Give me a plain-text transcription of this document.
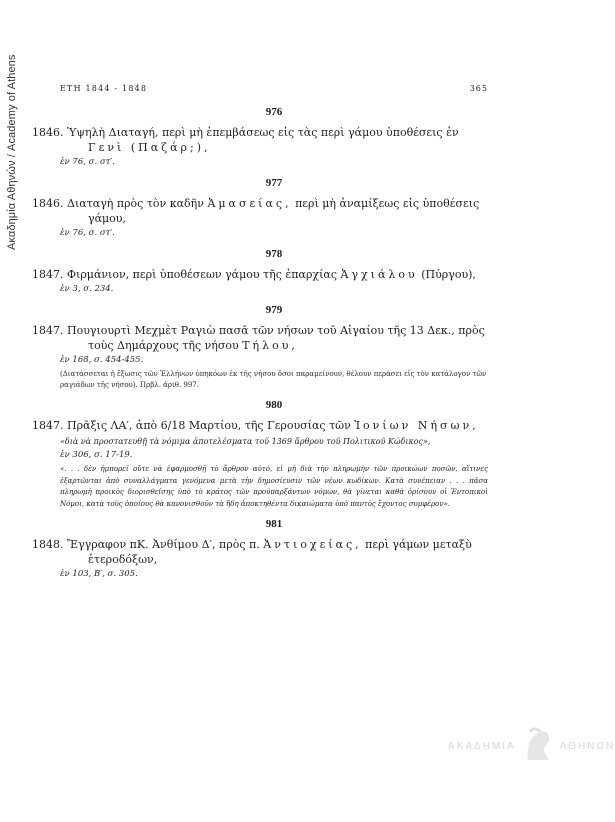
Ακαδημία Αθηνών / Academy of Athens	ΕΤΗ 1844 - 1848	365
976

1846. Ὑψηλὴ Διαταγή, περὶ μὴ ἐπεμβάσεως εἰς τὰς περὶ γάμου ὑποθέσεις ἐν Γενὶ (Παζάρ;),

ἐν 76, σ. στ′.
977

1846. Διαταγὴ πρὸς τὸν καδῆν Ἀμασείας, περὶ μὴ ἀναμίξεως εἰς ὑποθέσεις γάμου,

ἐν 76, σ. στ′.
978

1847. Φιρμάνιον, περὶ ὑποθέσεων γάμου τῆς ἐπαρχίας Ἀγχιάλου (Πύργου),

ἐν 3, σ. 234.
979

1847. Πουγιουρτὶ Μεχμὲτ Ραγιὼ πασᾶ τῶν νήσων τοῦ Αἰγαίου τῆς 13 Δεκ., πρὸς τοὺς Δημάρχους τῆς νήσου Τήλου,

ἐν 168, σ. 454-455.

(Διατάσσεται ἡ ἔξωσις τῶν Ἑλλήνων ὑπηκόων ἐκ τῆς νήσου ὅσοι παραμείνουν, θέλουν περάσει εἰς τὸν κατάλογον τῶν ραγιάδων τῆς νήσου). Πρβλ. ἀριθ. 997.

980

1847. Πρᾶξις ΛΑ′, ἀπὸ 6/18 Μαρτίου, τῆς Γερουσίας τῶν Ἰονίων Νήσων,

«διὰ νὰ προστατευθῇ τὰ νόμιμα ἀποτελέσματα τοῦ 1369 ἄρθρου τοῦ Πολιτικοῦ Κώδικος»,

ἐν 306, σ. 17-19.

«. . . δὲν ἠμπορεῖ οὔτε νὰ ἐφαρμοσθῇ τὸ ἄρθρον αὐτό, εἰ μὴ διὰ τὴν πληρωμὴν τῶν προικώων ποσῶν, αἵτινες ἐξαρτῶνται ἀπὸ συναλλάγματα γενόμενα μετὰ τὴν δημοσίευσιν τῶν νέων κωδίκων. Κατὰ συνέπειαν . . . πᾶσα πληρωμὴ προικὸς διορισθείσης ὑπὸ τὸ κράτος τῶν προϋπαρξάντων νόμων, θὰ γίνεται καθὰ ὁρίσουν οἱ Ἐντοπικοὶ Νόμοι, κατὰ τοὺς ὁποίους θὰ κανονισθοῦν τὰ ἤδη ἀποκτηθέντα δικαιώματα ὑπὸ παντὸς ἔχοντος συμφέρον».

981

1848. Ἔγγραφον πΚ. Ἀνθίμου Δ′, πρὸς π. Ἀντιοχείας, περὶ γάμων μεταξὺ ἑτεροδόξων,

ἐν 103, Β′, σ. 305.
ΑΚΑΔΗΜΙΑ	ΑΘΗΝΩΝ
